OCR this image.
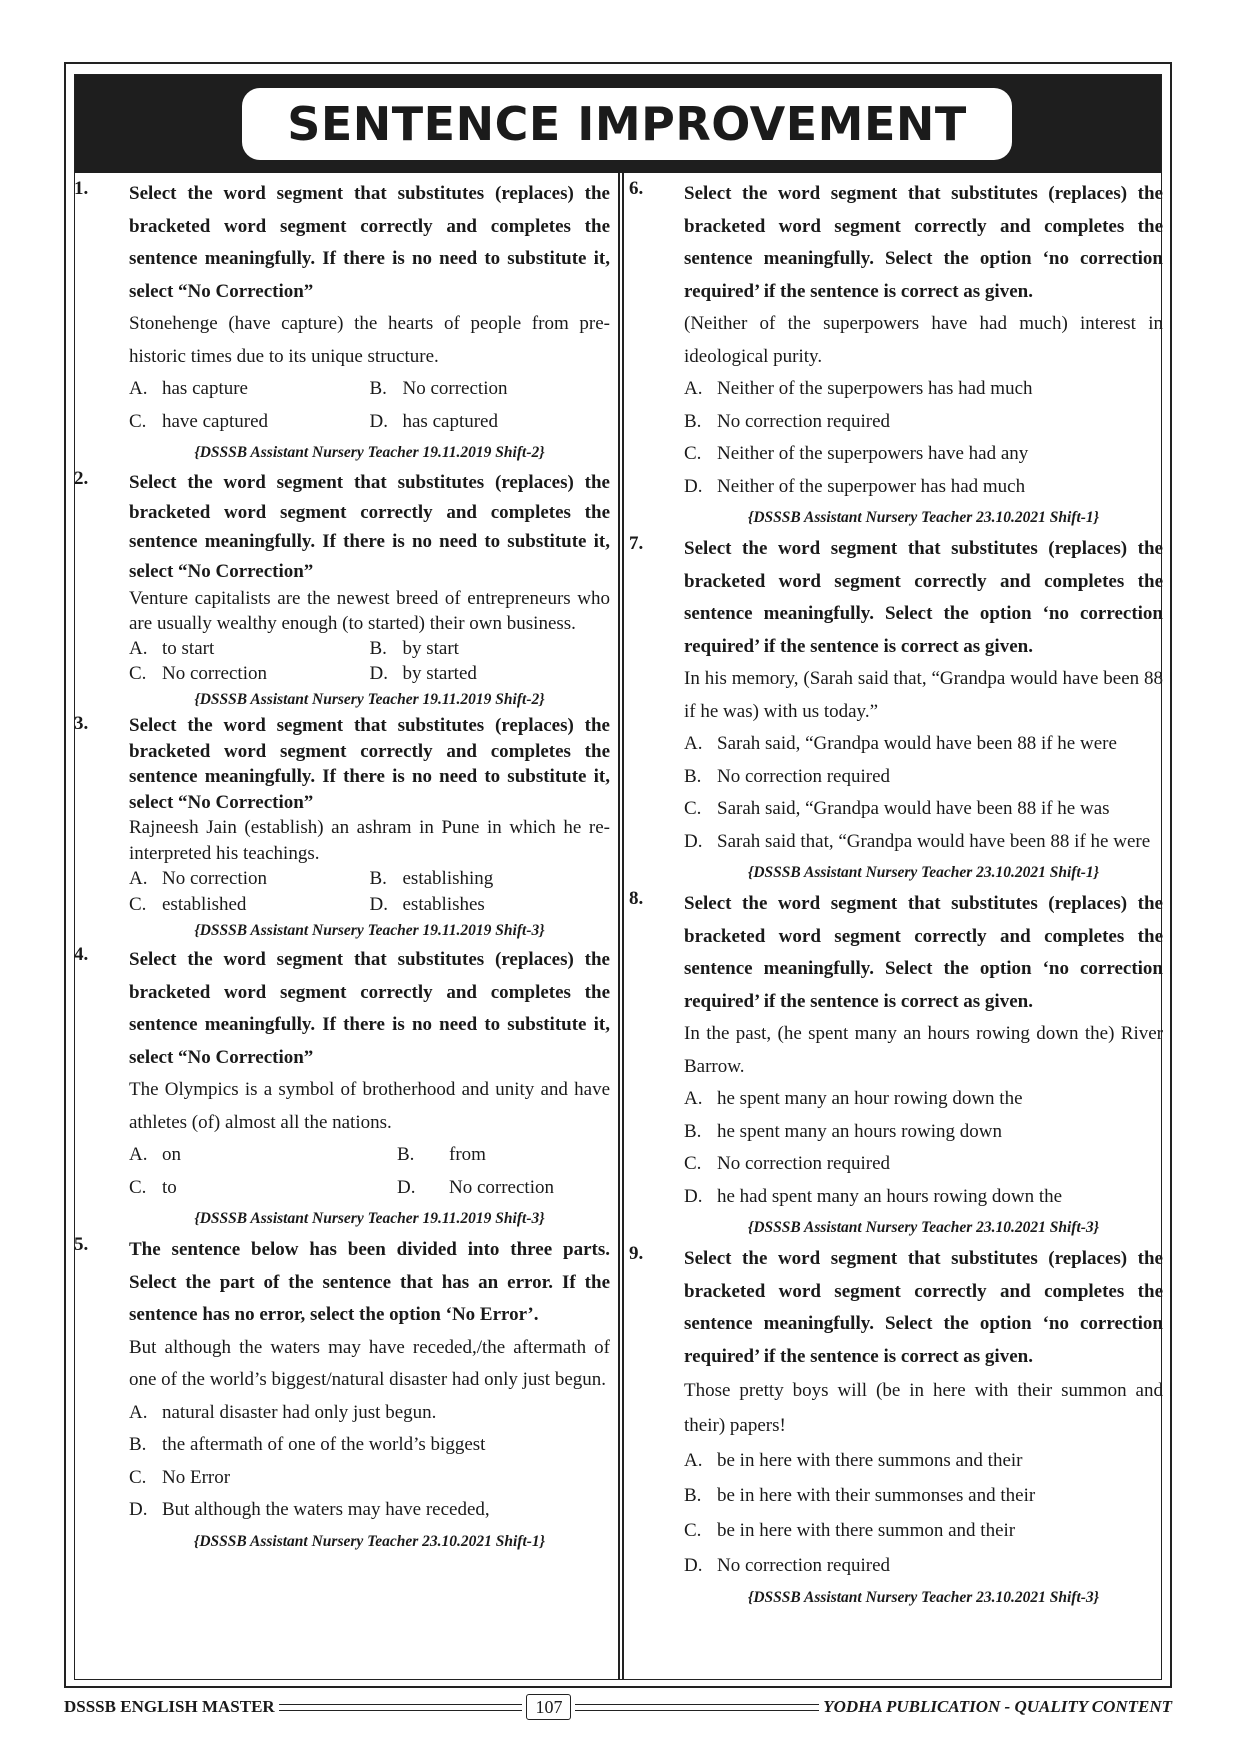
SENTENCE IMPROVEMENT
1. Select the word segment that substitutes (replaces) the bracketed word segment correctly and completes the sentence meaningfully. If there is no need to substitute it, select “No Correction”
Stonehenge (have capture) the hearts of people from pre-historic times due to its unique structure.
A. has capture	B. No correction
C. have captured	D. has captured
{DSSSB Assistant Nursery Teacher 19.11.2019 Shift-2}
2. Select the word segment that substitutes (replaces) the bracketed word segment correctly and completes the sentence meaningfully. If there is no need to substitute it, select “No Correction”
Venture capitalists are the newest breed of entrepreneurs who are usually wealthy enough (to started) their own business.
A. to start	B. by start
C. No correction	D. by started
{DSSSB Assistant Nursery Teacher 19.11.2019 Shift-2}
3. Select the word segment that substitutes (replaces) the bracketed word segment correctly and completes the sentence meaningfully. If there is no need to substitute it, select “No Correction”
Rajneesh Jain (establish) an ashram in Pune in which he re-interpreted his teachings.
A. No correction	B. establishing
C. established	D. establishes
{DSSSB Assistant Nursery Teacher 19.11.2019 Shift-3}
4. Select the word segment that substitutes (replaces) the bracketed word segment correctly and completes the sentence meaningfully. If there is no need to substitute it, select “No Correction”
The Olympics is a symbol of brotherhood and unity and have athletes (of) almost all the nations.
A. on	B.	from
C. to	D.	No correction
{DSSSB Assistant Nursery Teacher 19.11.2019 Shift-3}
5. The sentence below has been divided into three parts. Select the part of the sentence that has an error. If the sentence has no error, select the option ‘No Error’.
But although the waters may have receded,/the aftermath of one of the world’s biggest/natural disaster had only just begun.
A. natural disaster had only just begun.
B. the aftermath of one of the world’s biggest
C. No Error
D. But although the waters may have receded,
{DSSSB Assistant Nursery Teacher 23.10.2021 Shift-1}
6. Select the word segment that substitutes (replaces) the bracketed word segment correctly and completes the sentence meaningfully. Select the option ‘no correction required’ if the sentence is correct as given.
(Neither of the superpowers have had much) interest in ideological purity.
A. Neither of the superpowers has had much
B. No correction required
C. Neither of the superpowers have had any
D. Neither of the superpower has had much
{DSSSB Assistant Nursery Teacher 23.10.2021 Shift-1}
7. Select the word segment that substitutes (replaces) the bracketed word segment correctly and completes the sentence meaningfully. Select the option ‘no correction required’ if the sentence is correct as given.
In his memory, (Sarah said that, “Grandpa would have been 88 if he was) with us today.”
A. Sarah said, “Grandpa would have been 88 if he were
B. No correction required
C. Sarah said, “Grandpa would have been 88 if he was
D. Sarah said that, “Grandpa would have been 88 if he were
{DSSSB Assistant Nursery Teacher 23.10.2021 Shift-1}
8. Select the word segment that substitutes (replaces) the bracketed word segment correctly and completes the sentence meaningfully. Select the option ‘no correction required’ if the sentence is correct as given.
In the past, (he spent many an hours rowing down the) River Barrow.
A. he spent many an hour rowing down the
B. he spent many an hours rowing down
C. No correction required
D. he had spent many an hours rowing down the
{DSSSB Assistant Nursery Teacher 23.10.2021 Shift-3}
9. Select the word segment that substitutes (replaces) the bracketed word segment correctly and completes the sentence meaningfully. Select the option ‘no correction required’ if the sentence is correct as given.
Those pretty boys will (be in here with their summon and their) papers!
A. be in here with there summons and their
B. be in here with their summonses and their
C. be in here with there summon and their
D. No correction required
{DSSSB Assistant Nursery Teacher 23.10.2021 Shift-3}
DSSSB ENGLISH MASTER	107	YODHA PUBLICATION - QUALITY CONTENT
